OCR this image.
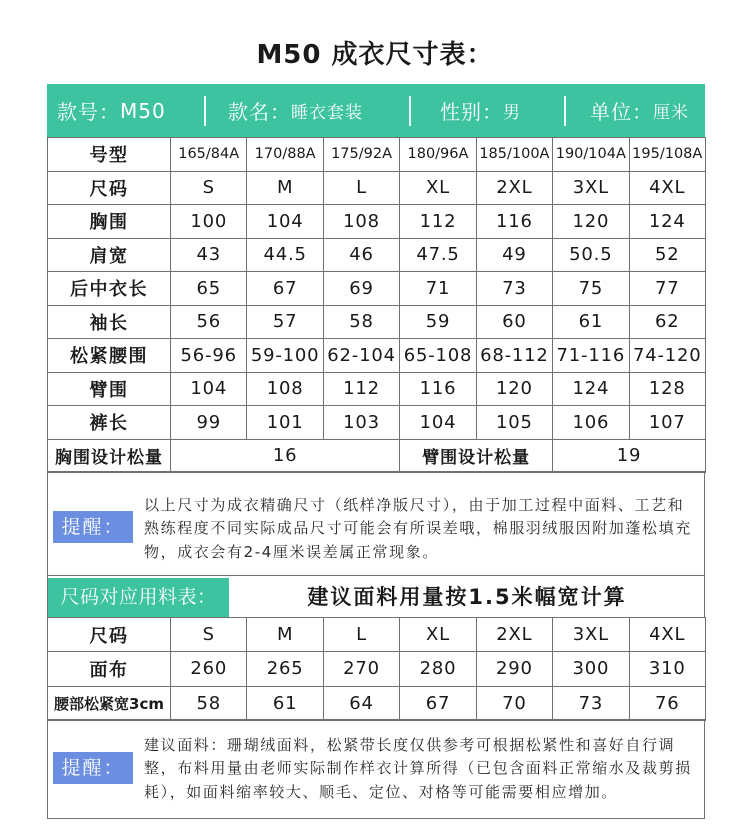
M50 成衣尺寸表：
款号： M50	款名： 睡衣套装	性别： 男	单位： 厘米
号型	165/84A	170/88A	175/92A	180/96A	185/100A	190/104A	195/108A
尺码	S	M	L	XL	2XL	3XL	4XL
胸围	100	104	108	112	116	120	124
肩宽	43	44.5	46	47.5	49	50.5	52
后中衣长	65	67	69	71	73	75	77
袖长	56	57	58	59	60	61	62
松紧腰围	56-96	59-100	62-104	65-108	68-112	71-116	74-120
臂围	104	108	112	116	120	124	128
裤长	99	101	103	104	105	106	107
胸围设计松量	16			臂围设计松量		19	
提醒：
以上尺寸为成衣精确尺寸（纸样净版尺寸），由于加工过程中面料、工艺和
熟练程度不同实际成品尺寸可能会有所误差哦，棉服羽绒服因附加蓬松填充
物，成衣会有2-4厘米误差属正常现象。
尺码对应用料表：	建议面料用量按1.5米幅宽计算
尺码	S	M	L	XL	2XL	3XL	4XL
面布	260	265	270	280	290	300	310
腰部松紧宽3cm	58	61	64	67	70	73	76
提醒：
建议面料：珊瑚绒面料，松紧带长度仅供参考可根据松紧性和喜好自行调
整，布料用量由老师实际制作样衣计算所得（已包含面料正常缩水及裁剪损
耗），如面料缩率较大、顺毛、定位、对格等可能需要相应增加。
